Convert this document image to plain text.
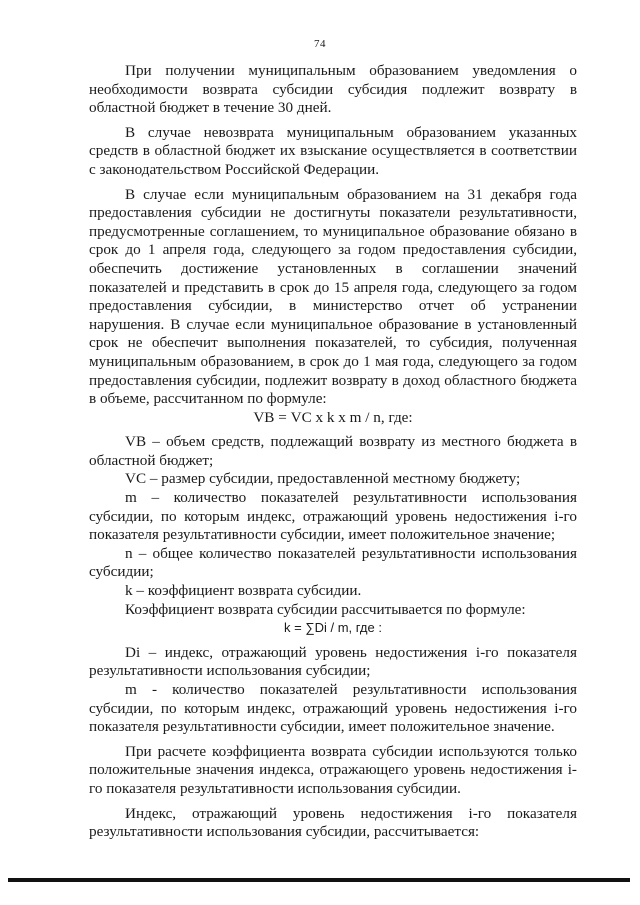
74

При получении муниципальным образованием уведомления о необходимости возврата субсидии субсидия подлежит возврату в областной бюджет в течение 30 дней.

В случае невозврата муниципальным образованием указанных средств в областной бюджет их взыскание осуществляется в соответствии с законодательством Российской Федерации.

В случае если муниципальным образованием на 31 декабря года предоставления субсидии не достигнуты показатели результативности, предусмотренные соглашением, то муниципальное образование обязано в срок до 1 апреля года, следующего за годом предоставления субсидии, обеспечить достижение установленных в соглашении значений показателей и представить в срок до 15 апреля года, следующего за годом предоставления субсидии, в министерство отчет об устранении нарушения. В случае если муниципальное образование в установленный срок не обеспечит выполнения показателей, то субсидия, полученная муниципальным образованием, в срок до 1 мая года, следующего за годом предоставления субсидии, подлежит возврату в доход областного бюджета в объеме, рассчитанном по формуле:

VВ = VС x k x m / n, где:

VВ – объем средств, подлежащий возврату из местного бюджета в областной бюджет;

VС – размер субсидии, предоставленной местному бюджету;

m – количество показателей результативности использования субсидии, по которым индекс, отражающий уровень недостижения i-го показателя результативности субсидии, имеет положительное значение;

n – общее количество показателей результативности использования субсидии;

k – коэффициент возврата субсидии.

Коэффициент возврата субсидии рассчитывается по формуле:

k = ∑Di / m, где :

Di – индекс, отражающий уровень недостижения i-го показателя результативности использования субсидии;

m - количество показателей результативности использования субсидии, по которым индекс, отражающий уровень недостижения i-го показателя результативности субсидии, имеет положительное значение.

При расчете коэффициента возврата субсидии используются только положительные значения индекса, отражающего уровень недостижения i-го показателя результативности использования субсидии.

Индекс, отражающий уровень недостижения i-го показателя результативности использования субсидии, рассчитывается:
